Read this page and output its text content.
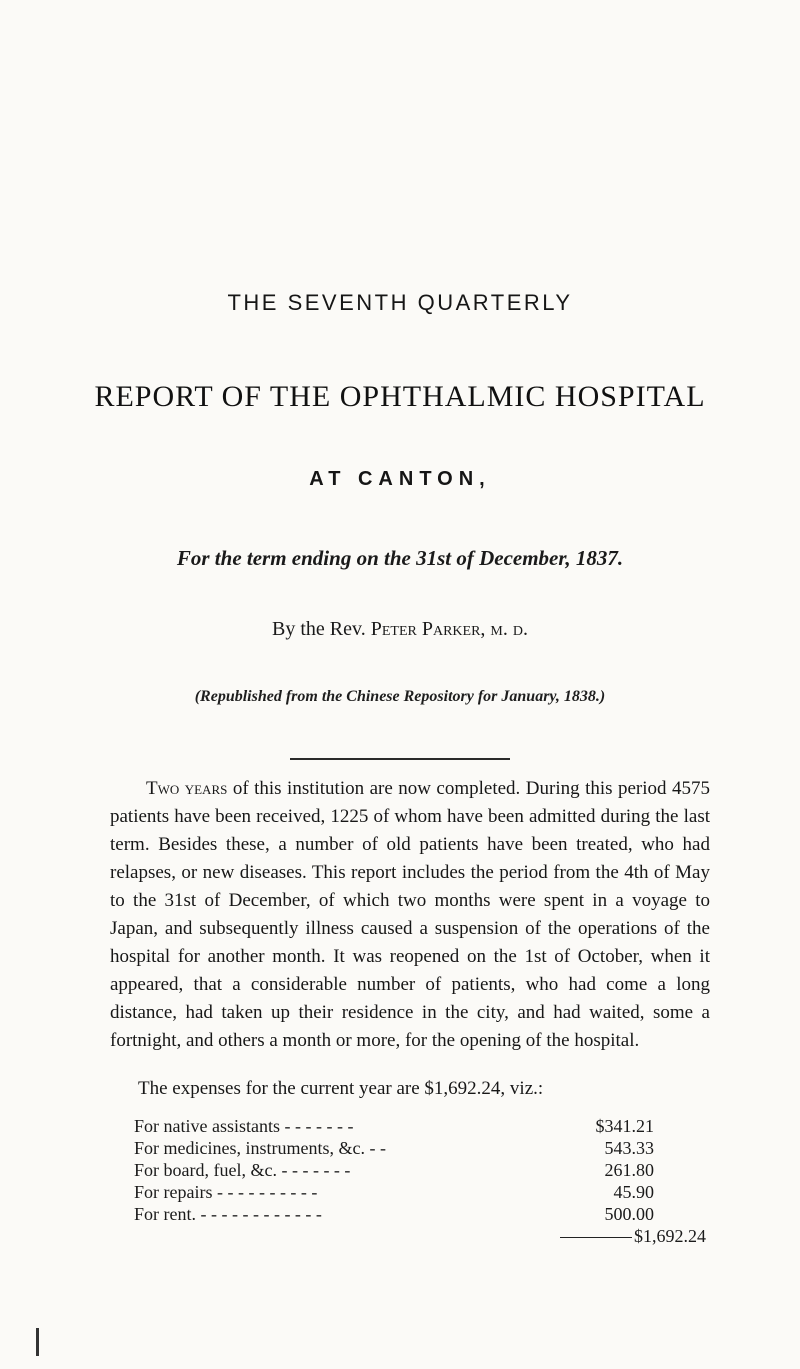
THE SEVENTH QUARTERLY
REPORT OF THE OPHTHALMIC HOSPITAL
AT CANTON,
For the term ending on the 31st of December, 1837.
By the Rev. Peter Parker, m. d.
(Republished from the Chinese Repository for January, 1838.)
Two years of this institution are now completed. During this period 4575 patients have been received, 1225 of whom have been admitted during the last term. Besides these, a number of old patients have been treated, who had relapses, or new diseases. This report includes the period from the 4th of May to the 31st of December, of which two months were spent in a voyage to Japan, and subsequently illness caused a suspension of the operations of the hospital for another month. It was reopened on the 1st of October, when it appeared, that a considerable number of patients, who had come a long distance, had taken up their residence in the city, and had waited, some a fortnight, and others a month or more, for the opening of the hospital.
The expenses for the current year are $1,692.24, viz.:
For native assistants - - - - - - -	$341.21
For medicines, instruments, &c. - -	543.33
For board, fuel, &c. - - - - - - -	261.80
For repairs - - - - - - - - - -	45.90
For rent. - - - - - - - - - - - -	500.00
$1,692.24
